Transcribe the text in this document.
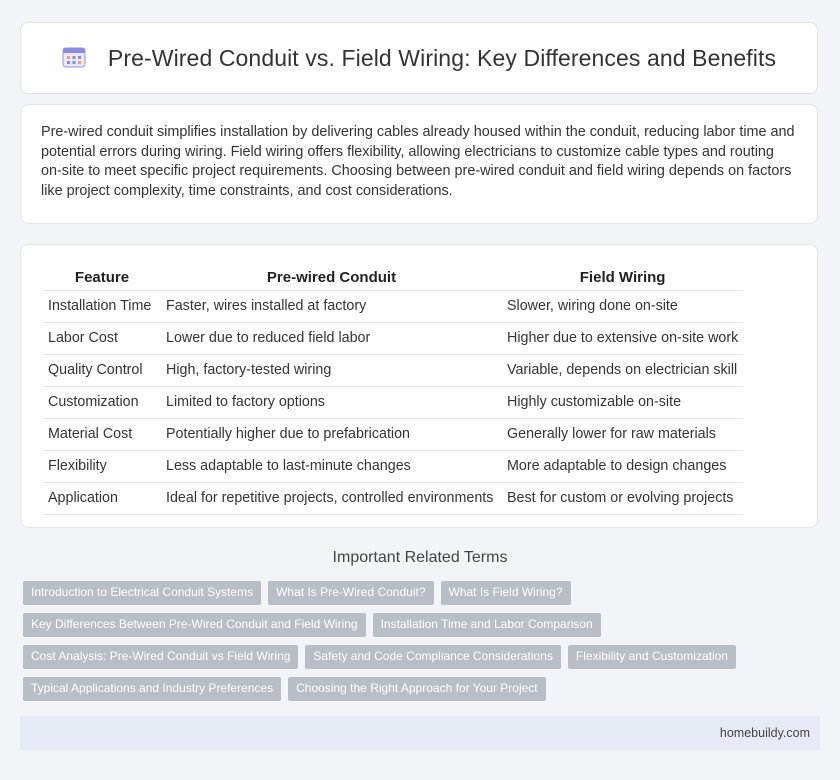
Pre-Wired Conduit vs. Field Wiring: Key Differences and Benefits

Pre-wired conduit simplifies installation by delivering cables already housed within the conduit, reducing labor time and potential errors during wiring. Field wiring offers flexibility, allowing electricians to customize cable types and routing on-site to meet specific project requirements. Choosing between pre-wired conduit and field wiring depends on factors like project complexity, time constraints, and cost considerations.

Feature	Pre-wired Conduit	Field Wiring
Installation Time	Faster, wires installed at factory	Slower, wiring done on-site
Labor Cost	Lower due to reduced field labor	Higher due to extensive on-site work
Quality Control	High, factory-tested wiring	Variable, depends on electrician skill
Customization	Limited to factory options	Highly customizable on-site
Material Cost	Potentially higher due to prefabrication	Generally lower for raw materials
Flexibility	Less adaptable to last-minute changes	More adaptable to design changes
Application	Ideal for repetitive projects, controlled environments	Best for custom or evolving projects
Important Related Terms
Introduction to Electrical Conduit Systems	What Is Pre-Wired Conduit?	What Is Field Wiring?
Key Differences Between Pre-Wired Conduit and Field Wiring	Installation Time and Labor Comparison
Cost Analysis: Pre-Wired Conduit vs Field Wiring	Safety and Code Compliance Considerations	Flexibility and Customization
Typical Applications and Industry Preferences	Choosing the Right Approach for Your Project
homebuildy.com
